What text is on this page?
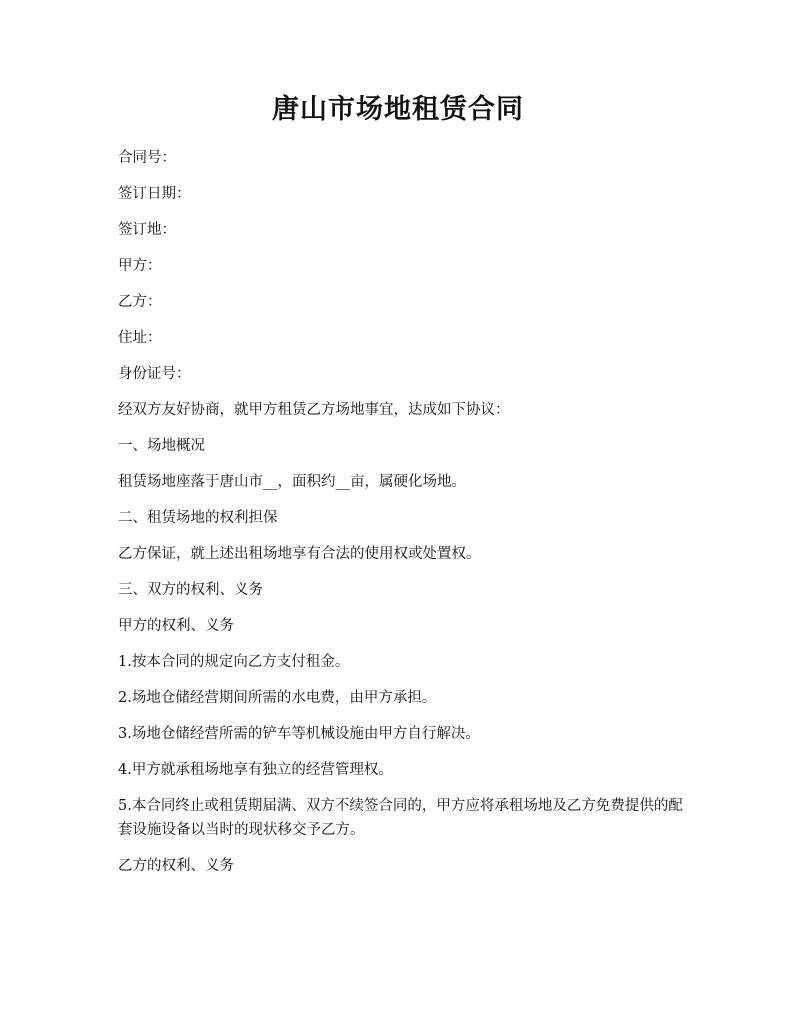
唐山市场地租赁合同

合同号：

签订日期：

签订地：

甲方：

乙方：

住址：

身份证号：

经双方友好协商，就甲方租赁乙方场地事宜，达成如下协议：

一、场地概况

租赁场地座落于唐山市__，面积约__亩，属硬化场地。

二、租赁场地的权利担保

乙方保证，就上述出租场地享有合法的使用权或处置权。

三、双方的权利、义务

甲方的权利、义务

1.按本合同的规定向乙方支付租金。

2.场地仓储经营期间所需的水电费，由甲方承担。

3.场地仓储经营所需的铲车等机械设施由甲方自行解决。

4.甲方就承租场地享有独立的经营管理权。

5.本合同终止或租赁期届满、双方不续签合同的，甲方应将承租场地及乙方免费提供的配套设施设备以当时的现状移交予乙方。

乙方的权利、义务
